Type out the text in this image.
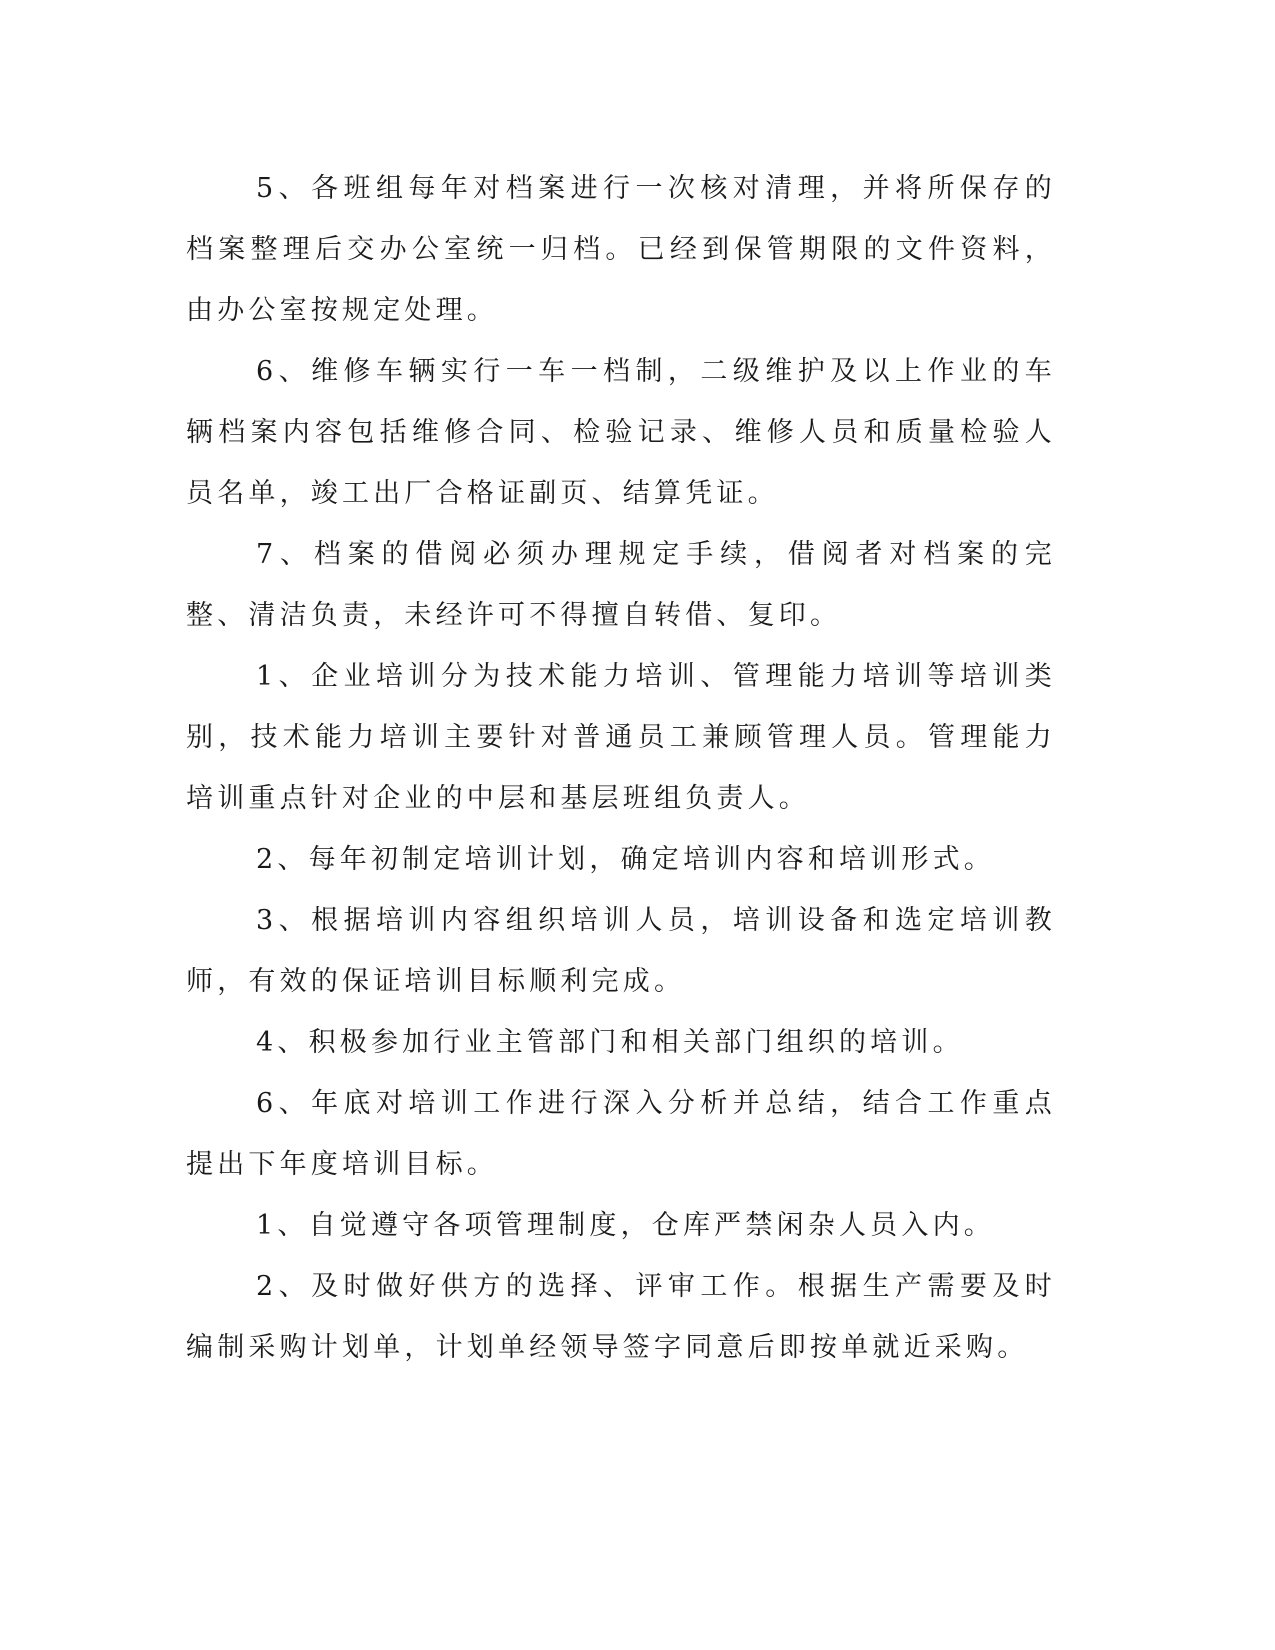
5、各班组每年对档案进行一次核对清理，并将所保存的档案整理后交办公室统一归档。已经到保管期限的文件资料，由办公室按规定处理。

6、维修车辆实行一车一档制，二级维护及以上作业的车辆档案内容包括维修合同、检验记录、维修人员和质量检验人员名单，竣工出厂合格证副页、结算凭证。

7、档案的借阅必须办理规定手续，借阅者对档案的完整、清洁负责，未经许可不得擅自转借、复印。

1、企业培训分为技术能力培训、管理能力培训等培训类别，技术能力培训主要针对普通员工兼顾管理人员。管理能力培训重点针对企业的中层和基层班组负责人。

2、每年初制定培训计划，确定培训内容和培训形式。

3、根据培训内容组织培训人员，培训设备和选定培训教师，有效的保证培训目标顺利完成。

4、积极参加行业主管部门和相关部门组织的培训。

6、年底对培训工作进行深入分析并总结，结合工作重点提出下年度培训目标。

1、自觉遵守各项管理制度，仓库严禁闲杂人员入内。

2、及时做好供方的选择、评审工作。根据生产需要及时编制采购计划单，计划单经领导签字同意后即按单就近采购。
